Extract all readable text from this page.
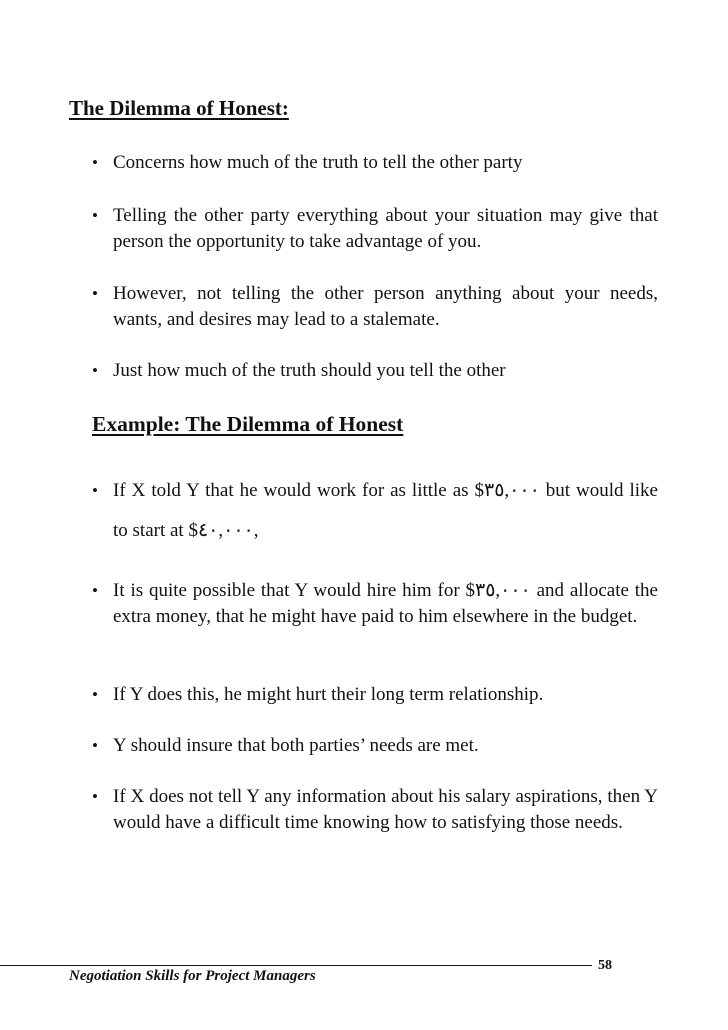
The Dilemma of Honest:
• Concerns how much of the truth to tell the other party
• Telling the other party everything about your situation may give that person the opportunity to take advantage of you.
• However, not telling the other person anything about your needs, wants, and desires may lead to a stalemate.
• Just how much of the truth should you tell the other
Example: The Dilemma of Honest
• If X told Y that he would work for as little as $٣٥,٠٠٠ but would like to start at $٤٠,٠٠٠,
• It is quite possible that Y would hire him for $٣٥,٠٠٠ and allocate the extra money, that he might have paid to him elsewhere in the budget.
• If Y does this, he might hurt their long term relationship.
• Y should insure that both parties’ needs are met.
• If X does not tell Y any information about his salary aspirations, then Y would have a difficult time knowing how to satisfying those needs.
Negotiation Skills for Project Managers
58
